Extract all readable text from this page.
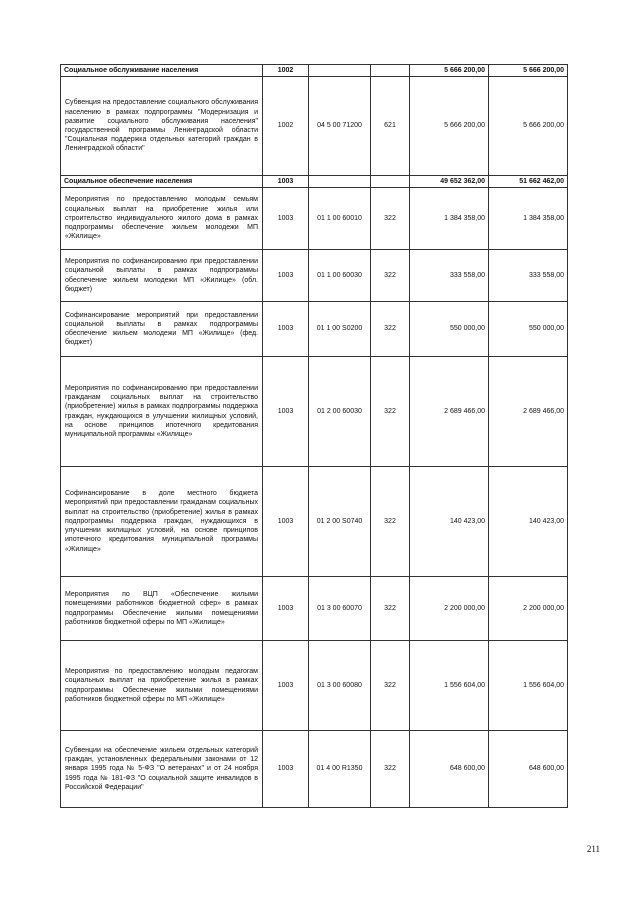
Социальное обслуживание населения	1002			5 666 200,00	5 666 200,00
Субвенция на предоставление социального обслуживания населению в рамках подпрограммы "Модернизация и развитие социального обслуживания населения" государственной программы Ленинградской области "Социальная поддержка отдельных категорий граждан в Ленинградской области"	1002	04 5 00 71200	621	5 666 200,00	5 666 200,00
Социальное обеспечение населения	1003			49 652 362,00	51 662 462,00
Мероприятия по предоставлению молодым семьям социальных выплат на приобретение жилья или строительство индивидуального жилого дома в рамках подпрограммы обеспечение жильем молодежи МП «Жилище»	1003	01 1 00 60010	322	1 384 358,00	1 384 358,00
Мероприятия по софинансированию при предоставлении социальной выплаты в рамках подпрограммы обеспечение жильем молодежи МП «Жилище» (обл. бюджет)	1003	01 1 00 60030	322	333 558,00	333 558,00
Софинансирование мероприятий при предоставлении социальной выплаты в рамках подпрограммы обеспечение жильем молодежи МП «Жилище» (фед. бюджет)	1003	01 1 00 S0200	322	550 000,00	550 000,00
Мероприятия по софинансированию при предоставлении гражданам социальных выплат на строительство (приобретение) жилья в рамках подпрограммы поддержка граждан, нуждающихся в улучшении жилищных условий, на основе принципов ипотечного кредитования муниципальной программы «Жилище»	1003	01 2 00 60030	322	2 689 466,00	2 689 466,00
Софинансирование в доле местного бюджета мероприятий при предоставлении гражданам социальных выплат на строительство (приобретение) жилья в рамках подпрограммы поддержка граждан, нуждающихся в улучшении жилищных условий, на основе принципов ипотечного кредитования муниципальной программы «Жилище»	1003	01 2 00 S0740	322	140 423,00	140 423,00
Мероприятия по ВЦП «Обеспечение жилыми помещениями работников бюджетной сфер» в рамках подпрограммы Обеспечение жилыми помещениями работников бюджетной сферы по МП «Жилище»	1003	01 3 00 60070	322	2 200 000,00	2 200 000,00
Мероприятия по предоставлению молодым педагогам социальных выплат на приобретение жилья в рамках подпрограммы Обеспечение жилыми помещениями работников бюджетной сферы по МП «Жилище»	1003	01 3 00 60080	322	1 556 604,00	1 556 604,00
Субвенции на обеспечение жильем отдельных категорий граждан, установленных федеральными законами от 12 января 1995 года № 5-ФЗ "О ветеранах" и от 24 ноября 1995 года № 181-ФЗ "О социальной защите инвалидов в Российской Федерации"	1003	01 4 00 R1350	322	648 600,00	648 600,00
211
